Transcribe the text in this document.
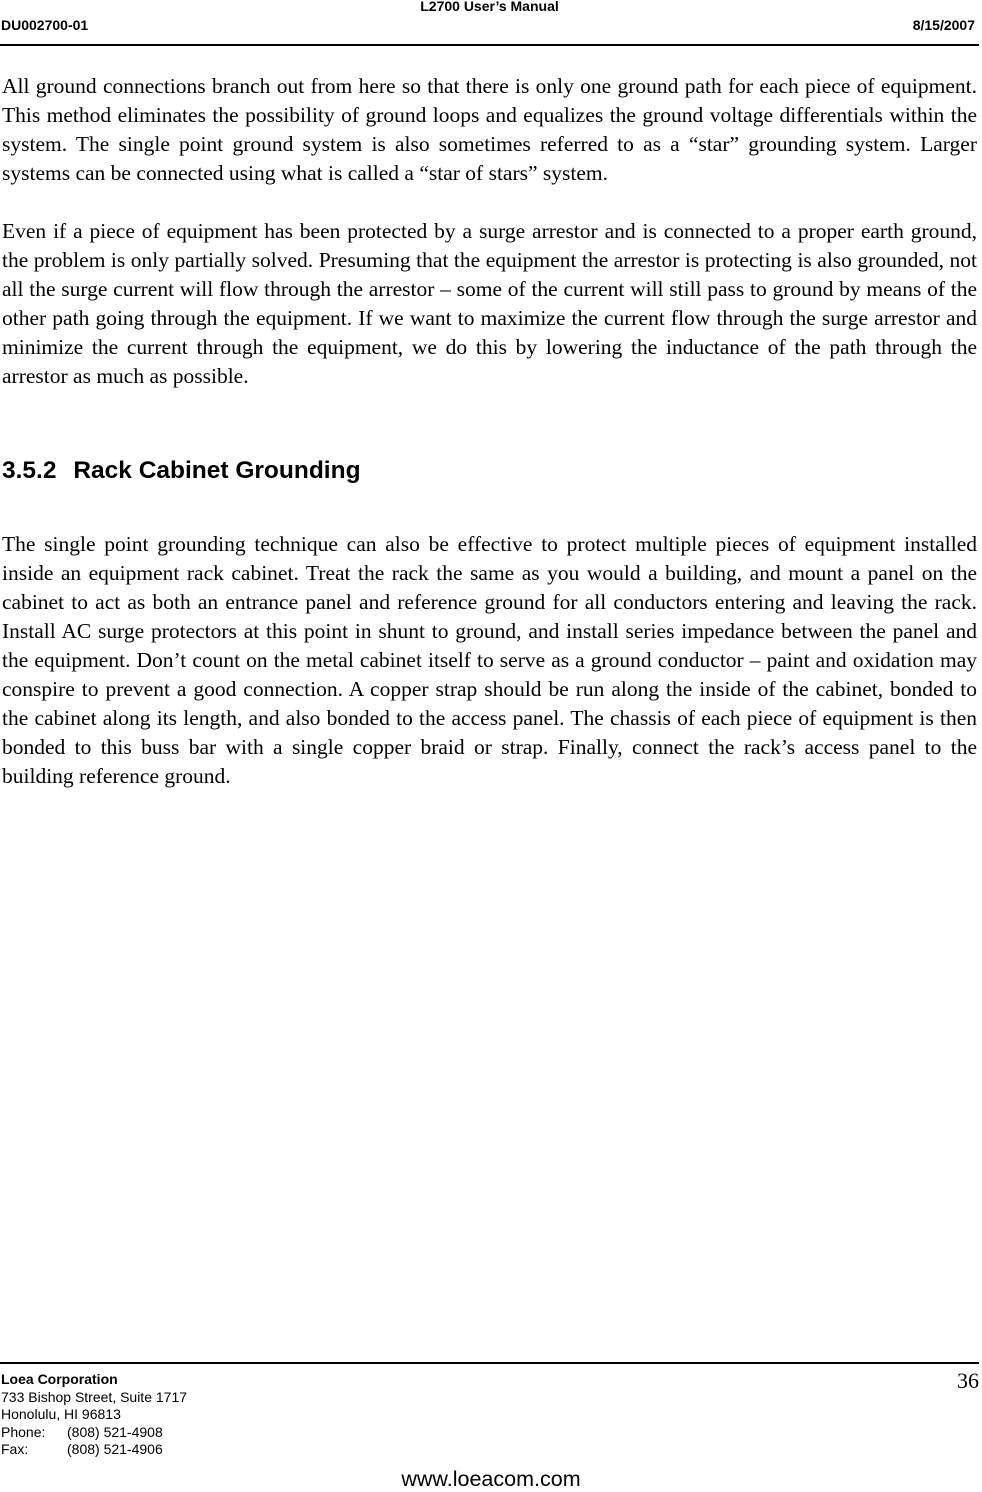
L2700 User’s Manual
DU002700-01	8/15/2007

All ground connections branch out from here so that there is only one ground path for each piece of equipment. This method eliminates the possibility of ground loops and equalizes the ground voltage differentials within the system. The single point ground system is also sometimes referred to as a “star” grounding system. Larger systems can be connected using what is called a “star of stars” system.

Even if a piece of equipment has been protected by a surge arrestor and is connected to a proper earth ground, the problem is only partially solved. Presuming that the equipment the arrestor is protecting is also grounded, not all the surge current will flow through the arrestor – some of the current will still pass to ground by means of the other path going through the equipment. If we want to maximize the current flow through the surge arrestor and minimize the current through the equipment, we do this by lowering the inductance of the path through the arrestor as much as possible.

3.5.2 Rack Cabinet Grounding

The single point grounding technique can also be effective to protect multiple pieces of equipment installed inside an equipment rack cabinet. Treat the rack the same as you would a building, and mount a panel on the cabinet to act as both an entrance panel and reference ground for all conductors entering and leaving the rack. Install AC surge protectors at this point in shunt to ground, and install series impedance between the panel and the equipment. Don’t count on the metal cabinet itself to serve as a ground conductor – paint and oxidation may conspire to prevent a good connection. A copper strap should be run along the inside of the cabinet, bonded to the cabinet along its length, and also bonded to the access panel. The chassis of each piece of equipment is then bonded to this buss bar with a single copper braid or strap. Finally, connect the rack’s access panel to the building reference ground.

Loea Corporation
733 Bishop Street, Suite 1717
Honolulu, HI 96813
Phone: (808) 521-4908
Fax:	(808) 521-4906
36
www.loeacom.com
